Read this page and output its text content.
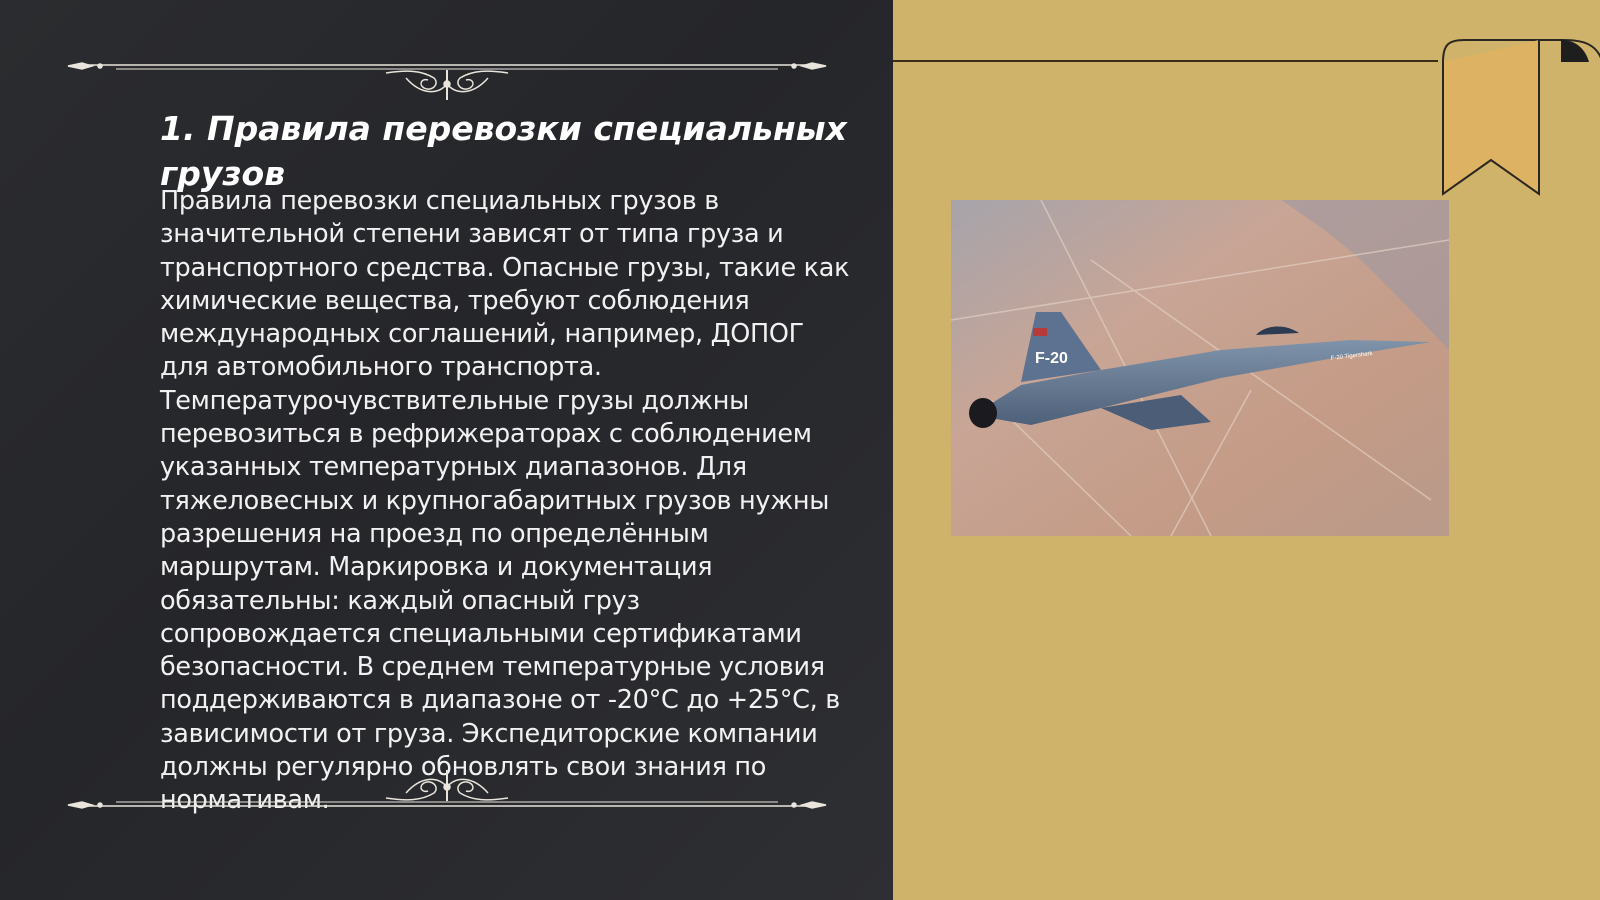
1. Правила перевозки специальных грузов
Правила перевозки специальных грузов в значительной степени зависят от типа груза и транспортного средства. Опасные грузы, такие как химические вещества, требуют соблюдения международных соглашений, например, ДОПОГ для автомобильного транспорта. Температурочувствительные грузы должны перевозиться в рефрижераторах с соблюдением указанных температурных диапазонов. Для тяжеловесных и крупногабаритных грузов нужны разрешения на проезд по определённым маршрутам. Маркировка и документация обязательны: каждый опасный груз сопровождается специальными сертификатами безопасности. В среднем температурные условия поддерживаются в диапазоне от -20°C до +25°C, в зависимости от груза. Экспедиторские компании должны регулярно обновлять свои знания по нормативам.
F-20	F-20 Tigershark
